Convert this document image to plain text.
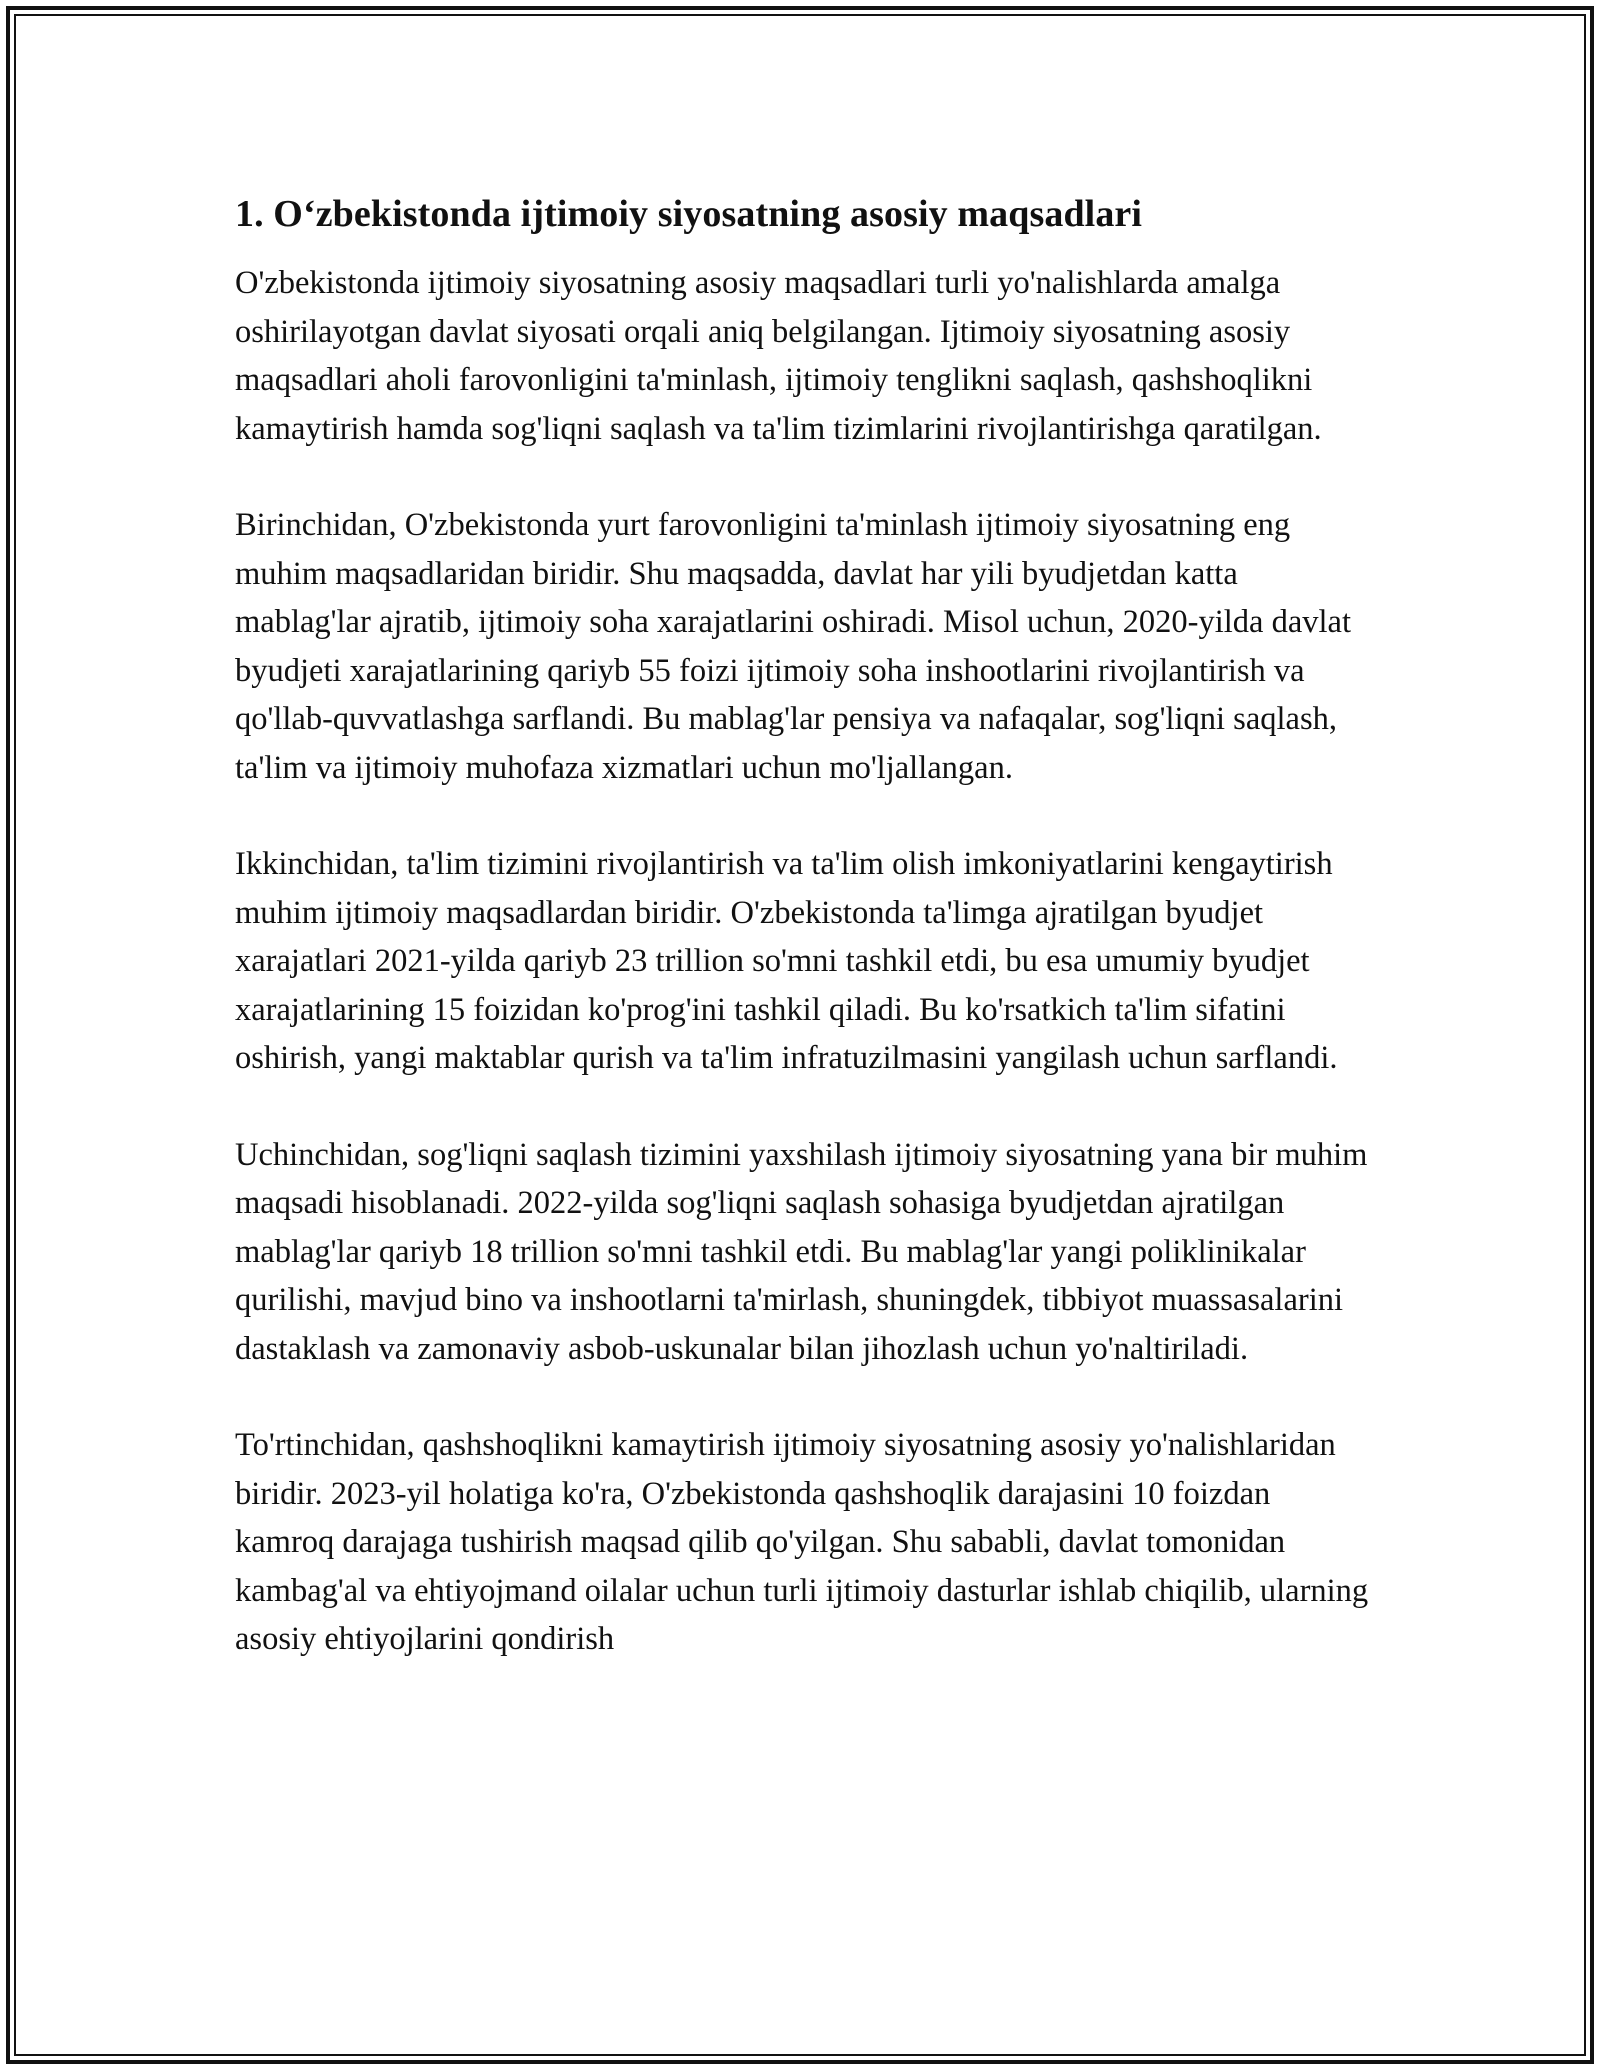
1. O‘zbekistonda ijtimoiy siyosatning asosiy maqsadlari

O'zbekistonda ijtimoiy siyosatning asosiy maqsadlari turli yo'nalishlarda amalga oshirilayotgan davlat siyosati orqali aniq belgilangan. Ijtimoiy siyosatning asosiy maqsadlari aholi farovonligini ta'minlash, ijtimoiy tenglikni saqlash, qashshoqlikni kamaytirish hamda sog'liqni saqlash va ta'lim tizimlarini rivojlantirishga qaratilgan.

Birinchidan, O'zbekistonda yurt farovonligini ta'minlash ijtimoiy siyosatning eng muhim maqsadlaridan biridir. Shu maqsadda, davlat har yili byudjetdan katta mablag'lar ajratib, ijtimoiy soha xarajatlarini oshiradi. Misol uchun, 2020-yilda davlat byudjeti xarajatlarining qariyb 55 foizi ijtimoiy soha inshootlarini rivojlantirish va qo'llab-quvvatlashga sarflandi. Bu mablag'lar pensiya va nafaqalar, sog'liqni saqlash, ta'lim va ijtimoiy muhofaza xizmatlari uchun mo'ljallangan.

Ikkinchidan, ta'lim tizimini rivojlantirish va ta'lim olish imkoniyatlarini kengaytirish muhim ijtimoiy maqsadlardan biridir. O'zbekistonda ta'limga ajratilgan byudjet xarajatlari 2021-yilda qariyb 23 trillion so'mni tashkil etdi, bu esa umumiy byudjet xarajatlarining 15 foizidan ko'prog'ini tashkil qiladi. Bu ko'rsatkich ta'lim sifatini oshirish, yangi maktablar qurish va ta'lim infratuzilmasini yangilash uchun sarflandi.

Uchinchidan, sog'liqni saqlash tizimini yaxshilash ijtimoiy siyosatning yana bir muhim maqsadi hisoblanadi. 2022-yilda sog'liqni saqlash sohasiga byudjetdan ajratilgan mablag'lar qariyb 18 trillion so'mni tashkil etdi. Bu mablag'lar yangi poliklinikalar qurilishi, mavjud bino va inshootlarni ta'mirlash, shuningdek, tibbiyot muassasalarini dastaklash va zamonaviy asbob-uskunalar bilan jihozlash uchun yo'naltiriladi.

To'rtinchidan, qashshoqlikni kamaytirish ijtimoiy siyosatning asosiy yo'nalishlaridan biridir. 2023-yil holatiga ko'ra, O'zbekistonda qashshoqlik darajasini 10 foizdan kamroq darajaga tushirish maqsad qilib qo'yilgan. Shu sababli, davlat tomonidan kambag'al va ehtiyojmand oilalar uchun turli ijtimoiy dasturlar ishlab chiqilib, ularning asosiy ehtiyojlarini qondirish
